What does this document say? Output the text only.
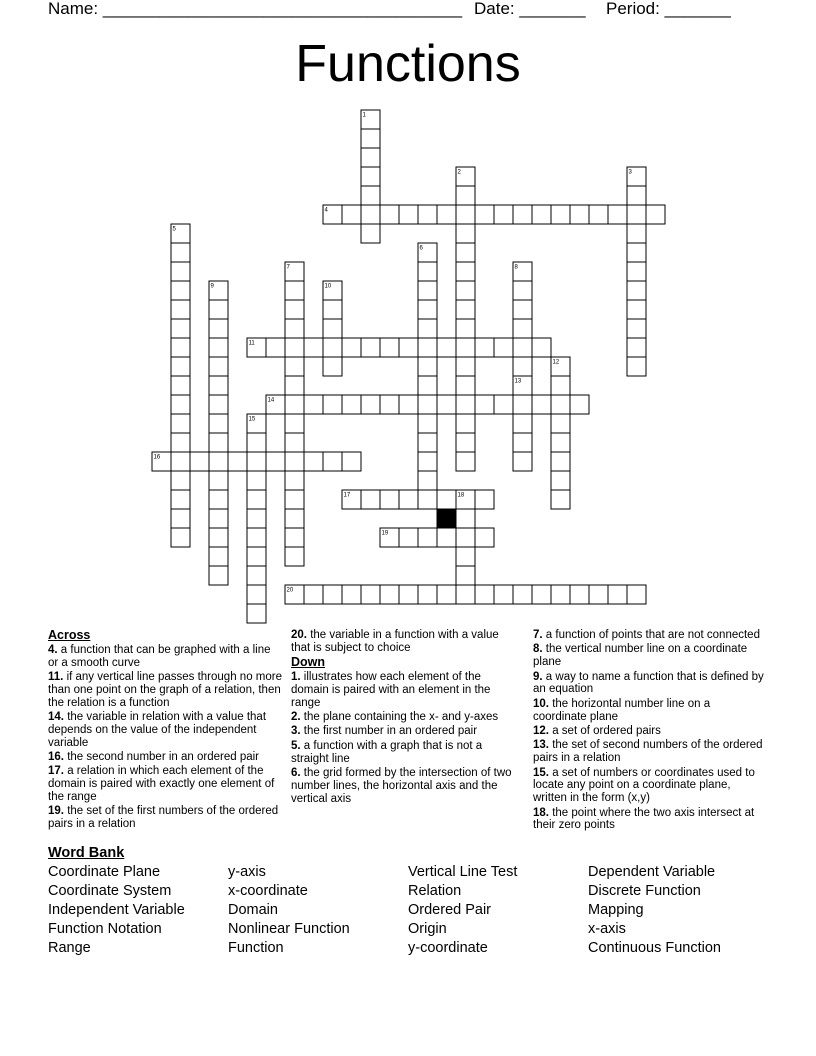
Name: ______________________________________ Date: _______ Period: _______
Functions
1
2	3
4
5
6
7	8
9	10
11
12
13
14
15
16
17	18
19
20
Across
4. a function that can be graphed with a line or a smooth curve
11. if any vertical line passes through no more than one point on the graph of a relation, then the relation is a function
14. the variable in relation with a value that depends on the value of the independent variable
16. the second number in an ordered pair
17. a relation in which each element of the domain is paired with exactly one element of the range
19. the set of the first numbers of the ordered pairs in a relation
20. the variable in a function with a value that is subject to choice
Down
1. illustrates how each element of the domain is paired with an element in the range
2. the plane containing the x- and y-axes
3. the first number in an ordered pair
5. a function with a graph that is not a straight line
6. the grid formed by the intersection of two number lines, the horizontal axis and the vertical axis
7. a function of points that are not connected
8. the vertical number line on a coordinate plane
9. a way to name a function that is defined by an equation
10. the horizontal number line on a coordinate plane
12. a set of ordered pairs
13. the set of second numbers of the ordered pairs in a relation
15. a set of numbers or coordinates used to locate any point on a coordinate plane, written in the form (x,y)
18. the point where the two axis intersect at their zero points
Word Bank
Coordinate Plane
Coordinate System
Independent Variable
Function Notation
Range
y-axis
x-coordinate
Domain
Nonlinear Function
Function
Vertical Line Test
Relation
Ordered Pair
Origin
y-coordinate
Dependent Variable
Discrete Function
Mapping
x-axis
Continuous Function
